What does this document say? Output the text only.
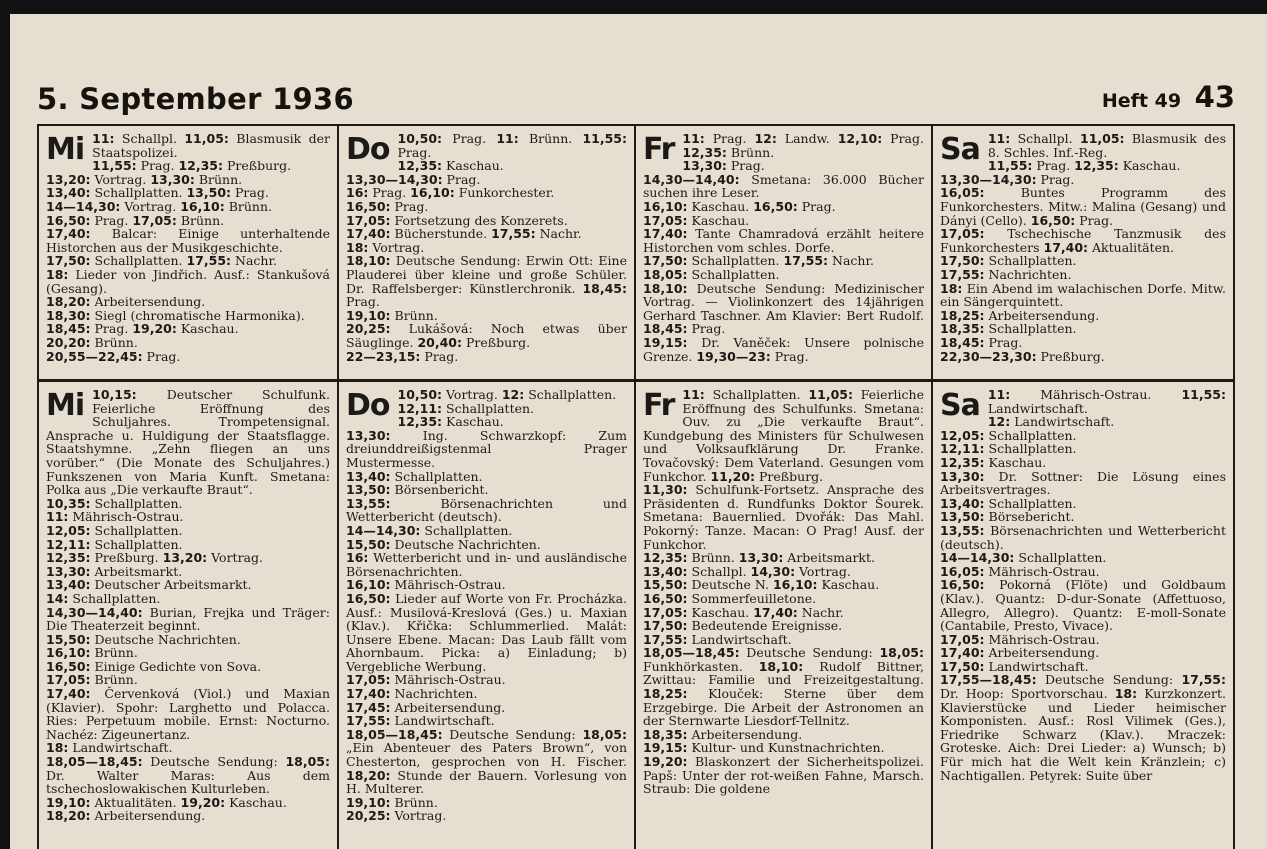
5. September 1936	Heft 49 43
Mi 11: Schallpl. 11,05: Blasmusik der Staatspolizei.

11,55: Prag. 12,35: Preßburg.

13,20: Vortrag. 13,30: Brünn.

13,40: Schallplatten. 13,50: Prag.

14—14,30: Vortrag. 16,10: Brünn.

16,50: Prag. 17,05: Brünn.

17,40: Balcar: Einige unterhaltende Historchen aus der Musikgeschichte.

17,50: Schallplatten. 17,55: Nachr.

18: Lieder von Jindřich. Ausf.: Stankušová (Gesang).

18,20: Arbeitersendung.

18,30: Siegl (chromatische Harmonika).

18,45: Prag. 19,20: Kaschau.

20,20: Brünn.

20,55—22,45: Prag.

Do 10,50: Prag. 11: Brünn. 11,55: Prag.

12,35: Kaschau.

13,30—14,30: Prag.

16: Prag. 16,10: Funkorchester.

16,50: Prag.

17,05: Fortsetzung des Konzerets.

17,40: Bücherstunde. 17,55: Nachr.

18: Vortrag.

18,10: Deutsche Sendung: Erwin Ott: Eine Plauderei über kleine und große Schüler. Dr. Raffelsberger: Künstlerchronik. 18,45: Prag.

19,10: Brünn.

20,25: Lukášová: Noch etwas über Säuglinge. 20,40: Preßburg.

22—23,15: Prag.

Fr 11: Prag. 12: Landw. 12,10: Prag. 12,35: Brünn.

13,30: Prag.

14,30—14,40: Smetana: 36.000 Bücher suchen ihre Leser.

16,10: Kaschau. 16,50: Prag.

17,05: Kaschau.

17,40: Tante Chamradová erzählt heitere Historchen vom schles. Dorfe.

17,50: Schallplatten. 17,55: Nachr.

18,05: Schallplatten.

18,10: Deutsche Sendung: Medizinischer Vortrag. — Violinkonzert des 14jährigen Gerhard Taschner. Am Klavier: Bert Rudolf. 18,45: Prag.

19,15: Dr. Vaněček: Unsere polnische Grenze. 19,30—23: Prag.

Sa 11: Schallpl. 11,05: Blasmusik des 8. Schles. Inf.-Reg.

11,55: Prag. 12,35: Kaschau.

13,30—14,30: Prag.

16,05: Buntes Programm des Funkorchesters. Mitw.: Malina (Gesang) und Dányi (Cello). 16,50: Prag.

17,05: Tschechische Tanzmusik des Funkorchesters 17,40: Aktualitäten.

17,50: Schallplatten.

17,55: Nachrichten.

18: Ein Abend im walachischen Dorfe. Mitw. ein Sängerquintett.

18,25: Arbeitersendung.

18,35: Schallplatten.

18,45: Prag.

22,30—23,30: Preßburg.

Mi 10,15: Deutscher Schulfunk. Feierliche Eröffnung des Schuljahres. Trompetensignal. Ansprache u. Huldigung der Staatsflagge. Staatshymne. „Zehn fliegen an uns vorüber.“ (Die Monate des Schuljahres.) Funkszenen von Maria Kunft. Smetana: Polka aus „Die verkaufte Braut“.

10,35: Schallplatten.

11: Mährisch-Ostrau.

12,05: Schallplatten.

12,11: Schallplatten.

12,35: Preßburg. 13,20: Vortrag.

13,30: Arbeitsmarkt.

13,40: Deutscher Arbeitsmarkt.

14: Schallplatten.

14,30—14,40: Burian, Frejka und Träger: Die Theaterzeit beginnt.

15,50: Deutsche Nachrichten.

16,10: Brünn.

16,50: Einige Gedichte von Sova.

17,05: Brünn.

17,40: Červenková (Viol.) und Maxian (Klavier). Spohr: Larghetto und Polacca. Ries: Perpetuum mobile. Ernst: Nocturno. Nachéz: Zigeunertanz.

18: Landwirtschaft.

18,05—18,45: Deutsche Sendung: 18,05: Dr. Walter Maras: Aus dem tschechoslowakischen Kulturleben.

19,10: Aktualitäten. 19,20: Kaschau.

18,20: Arbeitersendung.

Do 10,50: Vortrag. 12: Schallplatten.

12,11: Schallplatten.

12,35: Kaschau.

13,30: Ing. Schwarzkopf: Zum dreiunddreißigstenmal Prager Mustermesse.

13,40: Schallplatten.

13,50: Börsenbericht.

13,55: Börsenachrichten und Wetterbericht (deutsch).

14—14,30: Schallplatten.

15,50: Deutsche Nachrichten.

16: Wetterbericht und in- und ausländische Börsenachrichten.

16,10: Mährisch-Ostrau.

16,50: Lieder auf Worte von Fr. Procházka. Ausf.: Musilová-Kreslová (Ges.) u. Maxian (Klav.). Křička: Schlummerlied. Malát: Unsere Ebene. Macan: Das Laub fällt vom Ahornbaum. Picka: a) Einladung; b) Vergebliche Werbung.

17,05: Mährisch-Ostrau.

17,40: Nachrichten.

17,45: Arbeitersendung.

17,55: Landwirtschaft.

18,05—18,45: Deutsche Sendung: 18,05: „Ein Abenteuer des Paters Brown“, von Chesterton, gesprochen von H. Fischer. 18,20: Stunde der Bauern. Vorlesung von H. Multerer.

19,10: Brünn.

20,25: Vortrag.

Fr 11: Schallplatten. 11,05: Feierliche Eröffnung des Schulfunks. Smetana: Ouv. zu „Die verkaufte Braut“. Kundgebung des Ministers für Schulwesen und Volksaufklärung Dr. Franke. Tovačovský: Dem Vaterland. Gesungen vom Funkchor. 11,20: Preßburg.

11,30: Schulfunk-Fortsetz. Ansprache des Präsidenten d. Rundfunks Doktor Šourek. Smetana: Bauernlied. Dvořák: Das Mahl. Pokorný: Tanze. Macan: O Prag! Ausf. der Funkchor.

12,35: Brünn. 13,30: Arbeitsmarkt.

13,40: Schallpl. 14,30: Vortrag.

15,50: Deutsche N. 16,10: Kaschau.

16,50: Sommerfeuilletone.

17,05: Kaschau. 17,40: Nachr.

17,50: Bedeutende Ereignisse.

17,55: Landwirtschaft.

18,05—18,45: Deutsche Sendung: 18,05: Funkhörkasten. 18,10: Rudolf Bittner, Zwittau: Familie und Freizeitgestaltung. 18,25: Klouček: Sterne über dem Erzgebirge. Die Arbeit der Astronomen an der Sternwarte Liesdorf-Tellnitz.

18,35: Arbeitersendung.

19,15: Kultur- und Kunstnachrichten.

19,20: Blaskonzert der Sicherheitspolizei. Papš: Unter der rot-weißen Fahne, Marsch. Straub: Die goldene

Sa 11: Mährisch-Ostrau. 11,55: Landwirtschaft.

12: Landwirtschaft.

12,05: Schallplatten.

12,11: Schallplatten.

12,35: Kaschau.

13,30: Dr. Sottner: Die Lösung eines Arbeitsvertrages.

13,40: Schallplatten.

13,50: Börsebericht.

13,55: Börsenachrichten und Wetterbericht (deutsch).

14—14,30: Schallplatten.

16,05: Mährisch-Ostrau.

16,50: Pokorná (Flöte) und Goldbaum (Klav.). Quantz: D-dur-Sonate (Affettuoso, Allegro, Allegro). Quantz: E-moll-Sonate (Cantabile, Presto, Vivace).

17,05: Mährisch-Ostrau.

17,40: Arbeitersendung.

17,50: Landwirtschaft.

17,55—18,45: Deutsche Sendung: 17,55: Dr. Hoop: Sportvorschau. 18: Kurzkonzert. Klavierstücke und Lieder heimischer Komponisten. Ausf.: Rosl Vilimek (Ges.), Friedrike Schwarz (Klav.). Mraczek: Groteske. Aich: Drei Lieder: a) Wunsch; b) Für mich hat die Welt kein Kränzlein; c) Nachtigallen. Petyrek: Suite über
